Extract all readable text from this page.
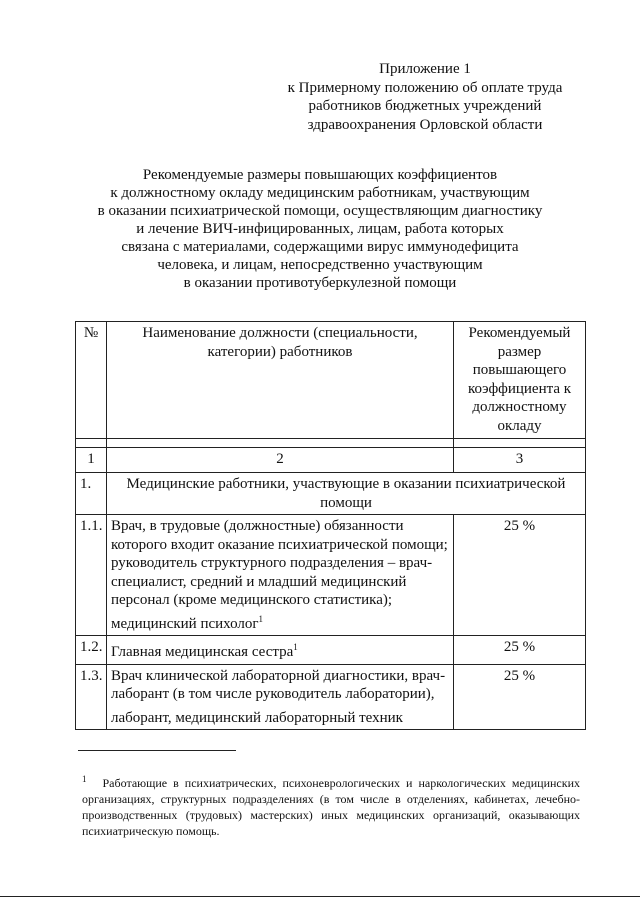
Приложение 1
к Примерному положению об оплате труда
работников бюджетных учреждений
здравоохранения Орловской области
Рекомендуемые размеры повышающих коэффициентов
к должностному окладу медицинским работникам, участвующим
в оказании психиатрической помощи, осуществляющим диагностику
и лечение ВИЧ-инфицированных, лицам, работа которых
связана с материалами, содержащими вирус иммунодефицита
человека, и лицам, непосредственно участвующим
в оказании противотуберкулезной помощи
№	Наименование должности (специальности, категории) работников	Рекомендуемый размер повышающего коэффициента к должностному окладу

1	2	3
1.	Медицинские работники, участвующие в оказании психиатрической помощи	
1.1.	Врач, в трудовые (должностные) обязанности которого входит оказание психиатрической помощи; руководитель структурного подразделения – врач-специалист, средний и младший медицинский персонал (кроме медицинского статистика); медицинский психолог$^1$	25 %
1.2.	Главная медицинская сестра$^1$	25 %
1.3.	Врач клинической лабораторной диагностики, врач-лаборант (в том числе руководитель лаборатории), лаборант, медицинский лабораторный техник	25 %
$^1$ Работающие в психиатрических, психоневрологических и наркологических медицинских организациях, структурных подразделениях (в том числе в отделениях, кабинетах, лечебно-производственных (трудовых) мастерских) иных медицинских организаций, оказывающих психиатрическую помощь.
